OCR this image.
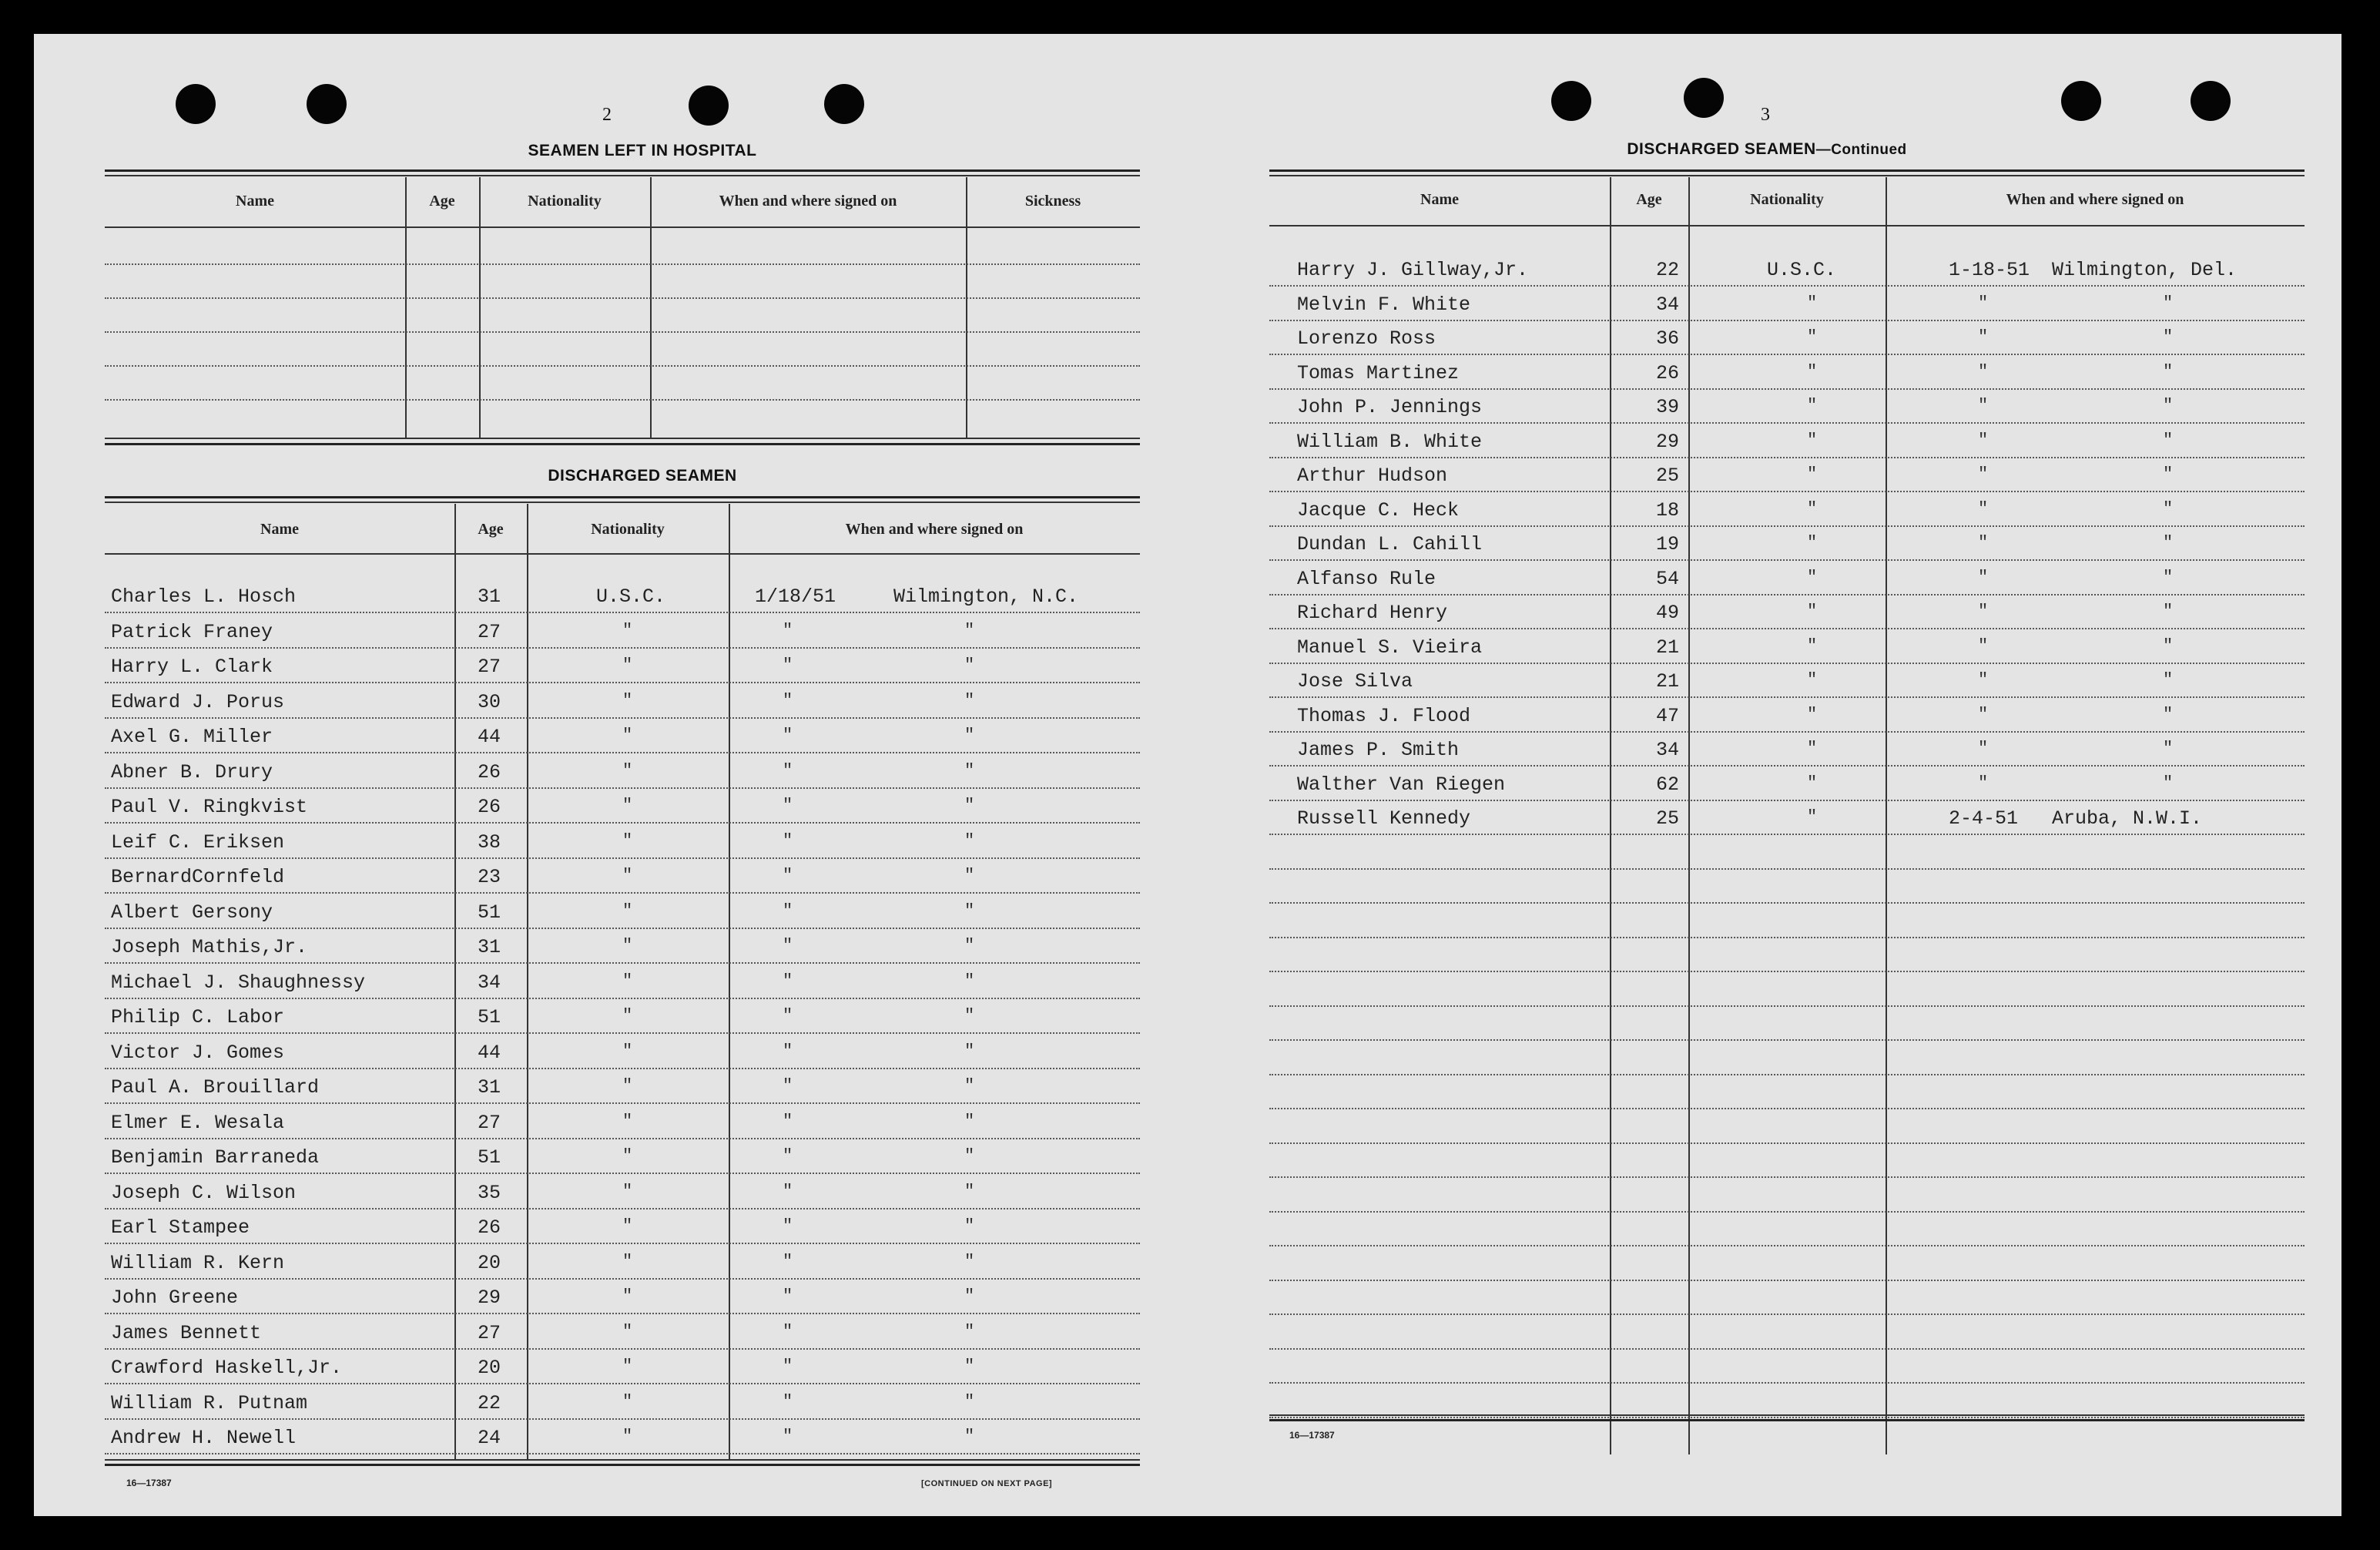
2
SEAMEN LEFT IN HOSPITAL
Name	Age	Nationality	When and where signed on	Sickness
DISCHARGED SEAMEN
Name	Age	Nationality	When and where signed on
Charles L. Hosch	31	U.S.C.	1/18/51	Wilmington, N.C.
Patrick Franey	27	"	"	"
Harry L. Clark	27	"	"	"
Edward J. Porus	30	"	"	"
Axel G. Miller	44	"	"	"
Abner B. Drury	26	"	"	"
Paul V. Ringkvist	26	"	"	"
Leif C. Eriksen	38	"	"	"
BernardCornfeld	23	"	"	"
Albert Gersony	51	"	"	"
Joseph Mathis,Jr.	31	"	"	"
Michael J. Shaughnessy	34	"	"	"
Philip C. Labor	51	"	"	"
Victor J. Gomes	44	"	"	"
Paul A. Brouillard	31	"	"	"
Elmer E. Wesala	27	"	"	"
Benjamin Barraneda	51	"	"	"
Joseph C. Wilson	35	"	"	"
Earl Stampee	26	"	"	"
William R. Kern	20	"	"	"
John Greene	29	"	"	"
James Bennett	27	"	"	"
Crawford Haskell,Jr.	20	"	"	"
William R. Putnam	22	"	"	"
Andrew H. Newell	24	"	"	"
16—17387	[CONTINUED ON NEXT PAGE]
3
DISCHARGED SEAMEN—Continued
Name	Age	Nationality	When and where signed on
Harry J. Gillway,Jr.	22	U.S.C.	1-18-51 Wilmington, Del.
Melvin F. White	34	"	"	"
Lorenzo Ross	36	"	"	"
Tomas Martinez	26	"	"	"
John P. Jennings	39	"	"	"
William B. White	29	"	"	"
Arthur Hudson	25	"	"	"
Jacque C. Heck	18	"	"	"
Dundan L. Cahill	19	"	"	"
Alfanso Rule	54	"	"	"
Richard Henry	49	"	"	"
Manuel S. Vieira	21	"	"	"
Jose Silva	21	"	"	"
Thomas J. Flood	47	"	"	"
James P. Smith	34	"	"	"
Walther Van Riegen	62	"	"	"
Russell Kennedy	25	"	2-4-51 Aruba, N.W.I.
16—17387
